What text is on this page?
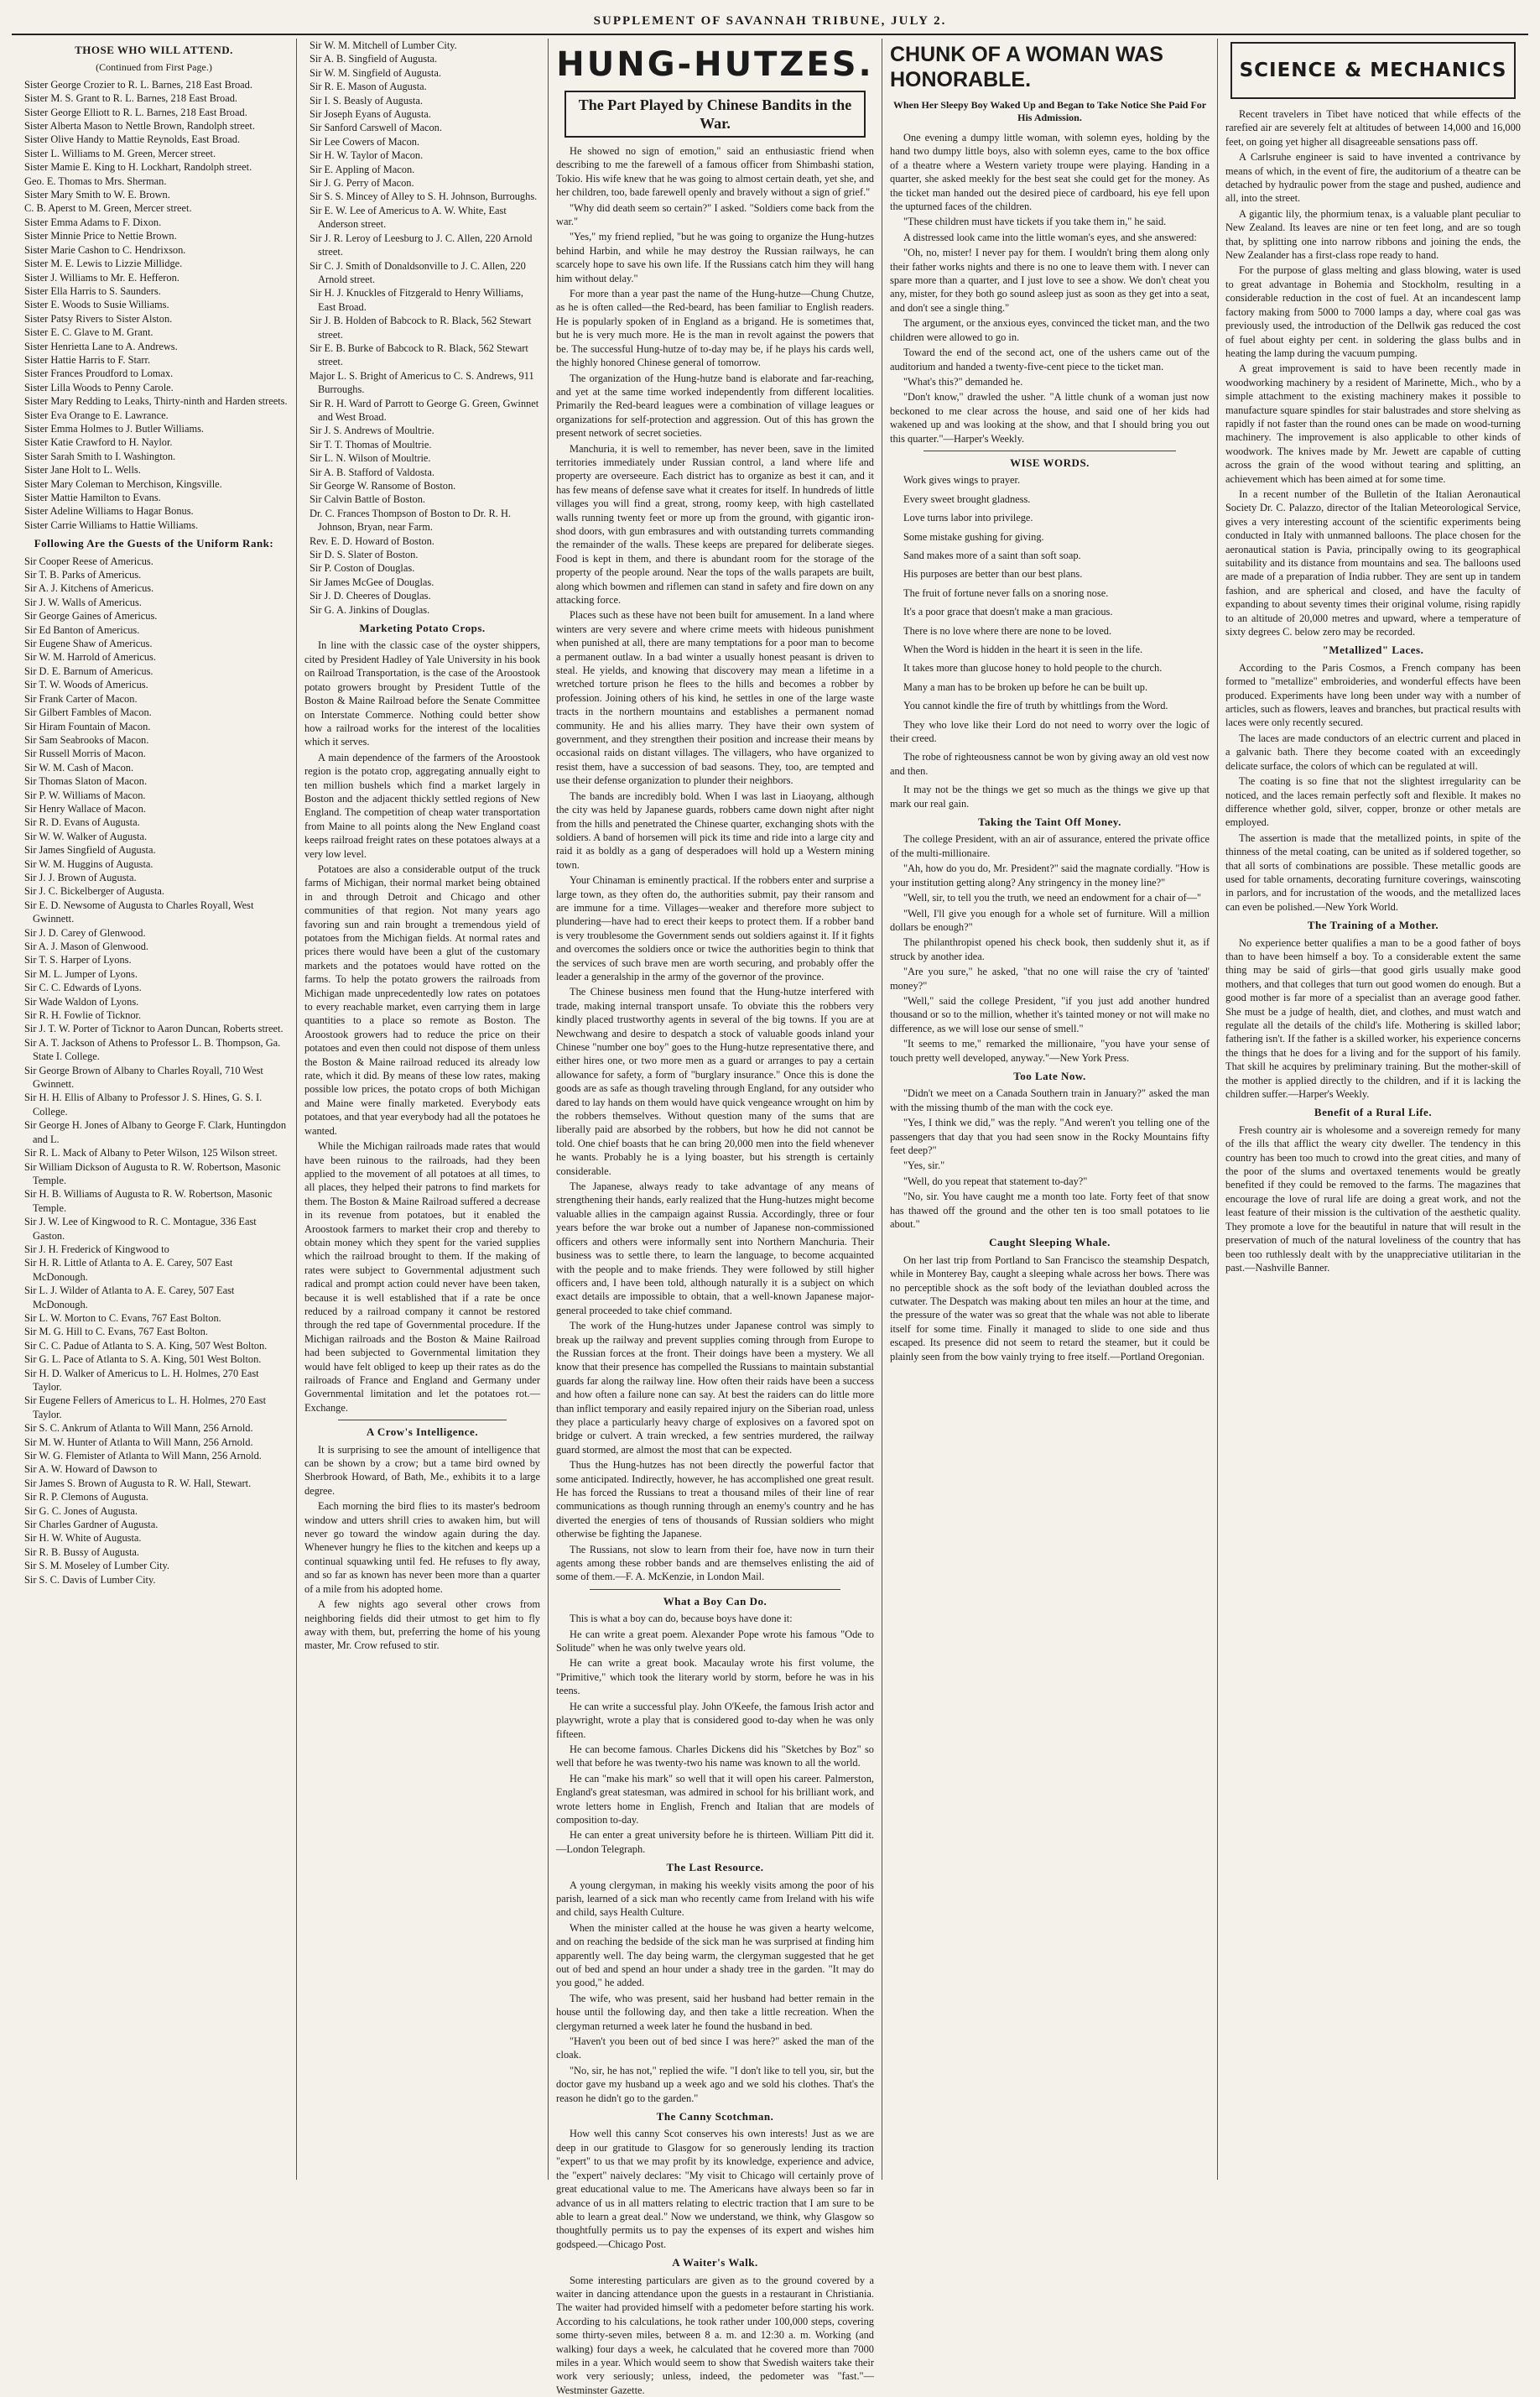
SUPPLEMENT OF SAVANNAH TRIBUNE, JULY 2.
THOSE WHO WILL ATTEND.
(Continued from First Page.)
Sister George Crozier to R. L. Barnes, 218 East Broad.
Sister M. S. Grant to R. L. Barnes, 218 East Broad.
Sister George Elliott to R. L. Barnes, 218 East Broad.
Sister Alberta Mason to Nettle Brown, Randolph street.
Sister Olive Handy to Mattie Reynolds, East Broad.
Sister L. Williams to M. Green, Mercer street.
Sister Mamie E. King to H. Lockhart, Randolph street.
Geo. E. Thomas to Mrs. Sherman.
Sister Mary Smith to W. E. Brown.
C. B. Aperst to M. Green, Mercer street.
Sister Emma Adams to F. Dixon.
Sister Minnie Price to Nettie Brown.
Sister Marie Cashon to C. Hendrixson.
Sister M. E. Lewis to Lizzie Millidge.
Sister J. Williams to Mr. E. Hefferon.
Sister Ella Harris to S. Saunders.
Sister E. Woods to Susie Williams.
Sister Patsy Rivers to Sister Alston.
Sister E. C. Glave to M. Grant.
Sister Henrietta Lane to A. Andrews.
Sister Hattie Harris to F. Starr.
Sister Frances Proudford to Lomax.
Sister Lilla Woods to Penny Carole.
Sister Mary Redding to Leaks, Thirty-ninth and Harden streets.
Sister Eva Orange to E. Lawrance.
Sister Emma Holmes to J. Butler Williams.
Sister Katie Crawford to H. Naylor.
Sister Sarah Smith to I. Washington.
Sister Jane Holt to L. Wells.
Sister Mary Coleman to Merchison, Kingsville.
Sister Mattie Hamilton to Evans.
Sister Adeline Williams to Hagar Bonus.
Sister Carrie Williams to Hattie Williams.
Following Are the Guests of the Uniform Rank:
Sir Cooper Reese of Americus.
Sir T. B. Parks of Americus.
Sir A. J. Kitchens of Americus.
Sir J. W. Walls of Americus.
Sir George Gaines of Americus.
Sir Ed Banton of Americus.
Sir Eugene Shaw of Americus.
Sir W. M. Harrold of Americus.
Sir D. E. Barnum of Americus.
Sir T. W. Woods of Americus.
Sir Frank Carter of Macon.
Sir Gilbert Fambles of Macon.
Sir Hiram Fountain of Macon.
Sir Sam Seabrooks of Macon.
Sir Russell Morris of Macon.
Sir W. M. Cash of Macon.
Sir Thomas Slaton of Macon.
Sir P. W. Williams of Macon.
Sir Henry Wallace of Macon.
Sir R. D. Evans of Augusta.
Sir W. W. Walker of Augusta.
Sir James Singfield of Augusta.
Sir W. M. Huggins of Augusta.
Sir J. J. Brown of Augusta.
Sir J. C. Bickelberger of Augusta.
Sir E. D. Newsome of Augusta to Charles Royall, West Gwinnett.
Sir J. D. Carey of Glenwood.
Sir A. J. Mason of Glenwood.
Sir T. S. Harper of Lyons.
Sir M. L. Jumper of Lyons.
Sir C. C. Edwards of Lyons.
Sir Wade Waldon of Lyons.
Sir R. H. Fowlie of Ticknor.
Sir J. T. W. Porter of Ticknor to Aaron Duncan, Roberts street.
Sir A. T. Jackson of Athens to Professor L. B. Thompson, Ga. State I. College.
Sir George Brown of Albany to Charles Royall, 710 West Gwinnett.
Sir H. H. Ellis of Albany to Professor J. S. Hines, G. S. I. College.
Sir George H. Jones of Albany to George F. Clark, Huntingdon and L.
Sir R. L. Mack of Albany to Peter Wilson, 125 Wilson street.
Sir William Dickson of Augusta to R. W. Robertson, Masonic Temple.
Sir H. B. Williams of Augusta to R. W. Robertson, Masonic Temple.
Sir J. W. Lee of Kingwood to R. C. Montague, 336 East Gaston.
Sir J. H. Frederick of Kingwood to
Sir H. R. Little of Atlanta to A. E. Carey, 507 East McDonough.
Sir L. J. Wilder of Atlanta to A. E. Carey, 507 East McDonough.
Sir L. W. Morton to C. Evans, 767 East Bolton.
Sir M. G. Hill to C. Evans, 767 East Bolton.
Sir C. C. Padue of Atlanta to S. A. King, 507 West Bolton.
Sir G. L. Pace of Atlanta to S. A. King, 501 West Bolton.
Sir H. D. Walker of Americus to L. H. Holmes, 270 East Taylor.
Sir Eugene Fellers of Americus to L. H. Holmes, 270 East Taylor.
Sir S. C. Ankrum of Atlanta to Will Mann, 256 Arnold.
Sir M. W. Hunter of Atlanta to Will Mann, 256 Arnold.
Sir W. G. Flemister of Atlanta to Will Mann, 256 Arnold.
Sir A. W. Howard of Dawson to
Sir James S. Brown of Augusta to R. W. Hall, Stewart.
Sir R. P. Clemons of Augusta.
Sir G. C. Jones of Augusta.
Sir Charles Gardner of Augusta.
Sir H. W. White of Augusta.
Sir R. B. Bussy of Augusta.
Sir S. M. Moseley of Lumber City.
Sir S. C. Davis of Lumber City.
Sir W. M. Mitchell of Lumber City.
Sir A. B. Singfield of Augusta.
Sir W. M. Singfield of Augusta.
Sir R. E. Mason of Augusta.
Sir I. S. Beasly of Augusta.
Sir Joseph Eyans of Augusta.
Sir Sanford Carswell of Macon.
Sir Lee Cowers of Macon.
Sir H. W. Taylor of Macon.
Sir E. Appling of Macon.
Sir J. G. Perry of Macon.
Sir S. S. Mincey of Alley to S. H. Johnson, Burroughs.
Sir E. W. Lee of Americus to A. W. White, East Anderson street.
Sir J. R. Leroy of Leesburg to J. C. Allen, 220 Arnold street.
Sir C. J. Smith of Donaldsonville to J. C. Allen, 220 Arnold street.
Sir H. J. Knuckles of Fitzgerald to Henry Williams, East Broad.
Sir J. B. Holden of Babcock to R. Black, 562 Stewart street.
Sir E. B. Burke of Babcock to R. Black, 562 Stewart street.
Major L. S. Bright of Americus to C. S. Andrews, 911 Burroughs.
Sir R. H. Ward of Parrott to George G. Green, Gwinnet and West Broad.
Sir J. S. Andrews of Moultrie.
Sir T. T. Thomas of Moultrie.
Sir L. N. Wilson of Moultrie.
Sir A. B. Stafford of Valdosta.
Sir George W. Ransome of Boston.
Sir Calvin Battle of Boston.
Dr. C. Frances Thompson of Boston to Dr. R. H. Johnson, Bryan, near Farm.
Rev. E. D. Howard of Boston.
Sir D. S. Slater of Boston.
Sir P. Coston of Douglas.
Sir James McGee of Douglas.
Sir J. D. Cheeres of Douglas.
Sir G. A. Jinkins of Douglas.
Marketing Potato Crops.
In line with the classic case of the oyster shippers, cited by President Hadley of Yale University in his book on Railroad Transportation, is the case of the Aroostook potato growers brought by President Tuttle of the Boston & Maine Railroad before the Senate Committee on Interstate Commerce. Nothing could better show how a railroad works for the interest of the localities which it serves.
A main dependence of the farmers of the Aroostook region is the potato crop, aggregating annually eight to ten million bushels which find a market largely in Boston and the adjacent thickly settled regions of New England. The competition of cheap water transportation from Maine to all points along the New England coast keeps railroad freight rates on these potatoes always at a very low level.
Potatoes are also a considerable output of the truck farms of Michigan, their normal market being obtained in and through Detroit and Chicago and other communities of that region. Not many years ago favoring sun and rain brought a tremendous yield of potatoes from the Michigan fields. At normal rates and prices there would have been a glut of the customary markets and the potatoes would have rotted on the farms. To help the potato growers the railroads from Michigan made unprecedentedly low rates on potatoes to every reachable market, even carrying them in large quantities to a place so remote as Boston. The Aroostook growers had to reduce the price on their potatoes and even then could not dispose of them unless the Boston & Maine railroad reduced its already low rate, which it did. By means of these low rates, making possible low prices, the potato crops of both Michigan and Maine were finally marketed. Everybody eats potatoes, and that year everybody had all the potatoes he wanted.
While the Michigan railroads made rates that would have been ruinous to the railroads, had they been applied to the movement of all potatoes at all times, to all places, they helped their patrons to find markets for them. The Boston & Maine Railroad suffered a decrease in its revenue from potatoes, but it enabled the Aroostook farmers to market their crop and thereby to obtain money which they spent for the varied supplies which the railroad brought to them. If the making of rates were subject to Governmental adjustment such radical and prompt action could never have been taken, because it is well established that if a rate be once reduced by a railroad company it cannot be restored through the red tape of Governmental procedure. If the Michigan railroads and the Boston & Maine Railroad had been subjected to Governmental limitation they would have felt obliged to keep up their rates as do the railroads of France and England and Germany under Governmental limitation and let the potatoes rot.—Exchange.
A Crow's Intelligence.
It is surprising to see the amount of intelligence that can be shown by a crow; but a tame bird owned by Sherbrook Howard, of Bath, Me., exhibits it to a large degree.
Each morning the bird flies to its master's bedroom window and utters shrill cries to awaken him, but will never go toward the window again during the day. Whenever hungry he flies to the kitchen and keeps up a continual squawking until fed. He refuses to fly away, and so far as known has never been more than a quarter of a mile from his adopted home.
A few nights ago several other crows from neighboring fields did their utmost to get him to fly away with them, but, preferring the home of his young master, Mr. Crow refused to stir.
HUNG-HUTZES.
The Part Played by Chinese Bandits in the War.
He showed no sign of emotion," said an enthusiastic friend when describing to me the farewell of a famous officer from Shimbashi station, Tokio. His wife knew that he was going to almost certain death, yet she, and her children, too, bade farewell openly and bravely without a sign of grief."
"Why did death seem so certain?" I asked. "Soldiers come back from the war."
"Yes," my friend replied, "but he was going to organize the Hung-hutzes behind Harbin, and while he may destroy the Russian railways, he can scarcely hope to save his own life. If the Russians catch him they will hang him without delay."
For more than a year past the name of the Hung-hutze—Chung Chutze, as he is often called—the Red-beard, has been familiar to English readers. He is popularly spoken of in England as a brigand. He is sometimes that, but he is very much more. He is the man in revolt against the powers that be. The successful Hung-hutze of to-day may be, if he plays his cards well, the highly honored Chinese general of tomorrow.
The organization of the Hung-hutze band is elaborate and far-reaching, and yet at the same time worked independently from different localities. Primarily the Red-beard leagues were a combination of village leagues or organizations for self-protection and aggression. Out of this has grown the present network of secret societies.
Manchuria, it is well to remember, has never been, save in the limited territories immediately under Russian control, a land where life and property are overseeure. Each district has to organize as best it can, and it has few means of defense save what it creates for itself. In hundreds of little villages you will find a great, strong, roomy keep, with high castellated walls running twenty feet or more up from the ground, with gigantic iron-shod doors, with gun embrasures and with outstanding turrets commanding the remainder of the walls. These keeps are prepared for deliberate sieges. Food is kept in them, and there is abundant room for the storage of the property of the people around. Near the tops of the walls parapets are built, along which bowmen and riflemen can stand in safety and fire down on any attacking force.
Places such as these have not been built for amusement. In a land where winters are very severe and where crime meets with hideous punishment when punished at all, there are many temptations for a poor man to become a permanent outlaw. In a bad winter a usually honest peasant is driven to steal. He yields, and knowing that discovery may mean a lifetime in a wretched torture prison he flees to the hills and becomes a robber by profession. Joining others of his kind, he settles in one of the large waste tracts in the northern mountains and establishes a permanent nomad community. He and his allies marry. They have their own system of government, and they strengthen their position and increase their means by occasional raids on distant villages. The villagers, who have organized to resist them, have a succession of bad seasons. They, too, are tempted and use their defense organization to plunder their neighbors.
The bands are incredibly bold. When I was last in Liaoyang, although the city was held by Japanese guards, robbers came down night after night from the hills and penetrated the Chinese quarter, exchanging shots with the soldiers. A band of horsemen will pick its time and ride into a large city and raid it as boldly as a gang of desperadoes will hold up a Western mining town.
Your Chinaman is eminently practical. If the robbers enter and surprise a large town, as they often do, the authorities submit, pay their ransom and are immune for a time. Villages—weaker and therefore more subject to plundering—have had to erect their keeps to protect them. If a robber band is very troublesome the Government sends out soldiers against it. If it fights and overcomes the soldiers once or twice the authorities begin to think that the services of such brave men are worth securing, and probably offer the leader a generalship in the army of the governor of the province.
The Chinese business men found that the Hung-hutze interfered with trade, making internal transport unsafe. To obviate this the robbers very kindly placed trustworthy agents in several of the big towns. If you are at Newchwang and desire to despatch a stock of valuable goods inland your Chinese "number one boy" goes to the Hung-hutze representative there, and either hires one, or two more men as a guard or arranges to pay a certain allowance for safety, a form of "burglary insurance." Once this is done the goods are as safe as though traveling through England, for any outsider who dared to lay hands on them would have quick vengeance wrought on him by the robbers themselves. Without question many of the sums that are liberally paid are absorbed by the robbers, but how he did not cannot be told. One chief boasts that he can bring 20,000 men into the field whenever he wants. Probably he is a lying boaster, but his strength is certainly considerable.
The Japanese, always ready to take advantage of any means of strengthening their hands, early realized that the Hung-hutzes might become valuable allies in the campaign against Russia. Accordingly, three or four years before the war broke out a number of Japanese non-commissioned officers and others were informally sent into Northern Manchuria. Their business was to settle there, to learn the language, to become acquainted with the people and to make friends. They were followed by still higher officers and, I have been told, although naturally it is a subject on which exact details are impossible to obtain, that a well-known Japanese major-general proceeded to take chief command.
The work of the Hung-hutzes under Japanese control was simply to break up the railway and prevent supplies coming through from Europe to the Russian forces at the front. Their doings have been a mystery. We all know that their presence has compelled the Russians to maintain substantial guards far along the railway line. How often their raids have been a success and how often a failure none can say. At best the raiders can do little more than inflict temporary and easily repaired injury on the Siberian road, unless they place a particularly heavy charge of explosives on a favored spot on bridge or culvert. A train wrecked, a few sentries murdered, the railway guard stormed, are almost the most that can be expected.
Thus the Hung-hutzes has not been directly the powerful factor that some anticipated. Indirectly, however, he has accomplished one great result. He has forced the Russians to treat a thousand miles of their line of rear communications as though running through an enemy's country and he has diverted the energies of tens of thousands of Russian soldiers who might otherwise be fighting the Japanese.
The Russians, not slow to learn from their foe, have now in turn their agents among these robber bands and are themselves enlisting the aid of some of them.—F. A. McKenzie, in London Mail.
What a Boy Can Do.
This is what a boy can do, because boys have done it:
He can write a great poem. Alexander Pope wrote his famous "Ode to Solitude" when he was only twelve years old.
He can write a great book. Macaulay wrote his first volume, the "Primitive," which took the literary world by storm, before he was in his teens.
He can write a successful play. John O'Keefe, the famous Irish actor and playwright, wrote a play that is considered good to-day when he was only fifteen.
He can become famous. Charles Dickens did his "Sketches by Boz" so well that before he was twenty-two his name was known to all the world.
He can "make his mark" so well that it will open his career. Palmerston, England's great statesman, was admired in school for his brilliant work, and wrote letters home in English, French and Italian that are models of composition to-day.
He can enter a great university before he is thirteen. William Pitt did it.—London Telegraph.
The Last Resource.
A young clergyman, in making his weekly visits among the poor of his parish, learned of a sick man who recently came from Ireland with his wife and child, says Health Culture.
When the minister called at the house he was given a hearty welcome, and on reaching the bedside of the sick man he was surprised at finding him apparently well. The day being warm, the clergyman suggested that he get out of bed and spend an hour under a shady tree in the garden. "It may do you good," he added.
The wife, who was present, said her husband had better remain in the house until the following day, and then take a little recreation. When the clergyman returned a week later he found the husband in bed.
"Haven't you been out of bed since I was here?" asked the man of the cloak.
"No, sir, he has not," replied the wife. "I don't like to tell you, sir, but the doctor gave my husband up a week ago and we sold his clothes. That's the reason he didn't go to the garden."
The Canny Scotchman.
How well this canny Scot conserves his own interests! Just as we are deep in our gratitude to Glasgow for so generously lending its traction "expert" to us that we may profit by its knowledge, experience and advice, the "expert" naively declares: "My visit to Chicago will certainly prove of great educational value to me. The Americans have always been so far in advance of us in all matters relating to electric traction that I am sure to be able to learn a great deal." Now we understand, we think, why Glasgow so thoughtfully permits us to pay the expenses of its expert and wishes him godspeed.—Chicago Post.
A Waiter's Walk.
Some interesting particulars are given as to the ground covered by a waiter in dancing attendance upon the guests in a restaurant in Christiania. The waiter had provided himself with a pedometer before starting his work. According to his calculations, he took rather under 100,000 steps, covering some thirty-seven miles, between 8 a. m. and 12:30 a. m. Working (and walking) four days a week, he calculated that he covered more than 7000 miles in a year. Which would seem to show that Swedish waiters take their work very seriously; unless, indeed, the pedometer was "fast."—Westminster Gazette.
CHUNK OF A WOMAN WAS HONORABLE.
When Her Sleepy Boy Waked Up and Began to Take Notice She Paid For His Admission.
One evening a dumpy little woman, with solemn eyes, holding by the hand two dumpy little boys, also with solemn eyes, came to the box office of a theatre where a Western variety troupe were playing. Handing in a quarter, she asked meekly for the best seat she could get for the money. As the ticket man handed out the desired piece of cardboard, his eye fell upon the upturned faces of the children.
"These children must have tickets if you take them in," he said.
A distressed look came into the little woman's eyes, and she answered:
"Oh, no, mister! I never pay for them. I wouldn't bring them along only their father works nights and there is no one to leave them with. I never can spare more than a quarter, and I just love to see a show. We don't cheat you any, mister, for they both go sound asleep just as soon as they get into a seat, and don't see a single thing."
The argument, or the anxious eyes, convinced the ticket man, and the two children were allowed to go in.
Toward the end of the second act, one of the ushers came out of the auditorium and handed a twenty-five-cent piece to the ticket man.
"What's this?" demanded he.
"Don't know," drawled the usher. "A little chunk of a woman just now beckoned to me clear across the house, and said one of her kids had wakened up and was looking at the show, and that I should bring you out this quarter."—Harper's Weekly.
WISE WORDS.
Work gives wings to prayer.
Every sweet brought gladness.
Love turns labor into privilege.
Some mistake gushing for giving.
Sand makes more of a saint than soft soap.
His purposes are better than our best plans.
The fruit of fortune never falls on a snoring nose.
It's a poor grace that doesn't make a man gracious.
There is no love where there are none to be loved.
When the Word is hidden in the heart it is seen in the life.
It takes more than glucose honey to hold people to the church.
Many a man has to be broken up before he can be built up.
You cannot kindle the fire of truth by whittlings from the Word.
They who love like their Lord do not need to worry over the logic of their creed.
The robe of righteousness cannot be won by giving away an old vest now and then.
It may not be the things we get so much as the things we give up that mark our real gain.
Taking the Taint Off Money.
The college President, with an air of assurance, entered the private office of the multi-millionaire.
"Ah, how do you do, Mr. President?" said the magnate cordially. "How is your institution getting along? Any stringency in the money line?"
"Well, sir, to tell you the truth, we need an endowment for a chair of—"
"Well, I'll give you enough for a whole set of furniture. Will a million dollars be enough?"
The philanthropist opened his check book, then suddenly shut it, as if struck by another idea.
"Are you sure," he asked, "that no one will raise the cry of 'tainted' money?"
"Well," said the college President, "if you just add another hundred thousand or so to the million, whether it's tainted money or not will make no difference, as we will lose our sense of smell."
"It seems to me," remarked the millionaire, "you have your sense of touch pretty well developed, anyway."—New York Press.
Too Late Now.
"Didn't we meet on a Canada Southern train in January?" asked the man with the missing thumb of the man with the cock eye.
"Yes, I think we did," was the reply. "And weren't you telling one of the passengers that day that you had seen snow in the Rocky Mountains fifty feet deep?"
"Yes, sir."
"Well, do you repeat that statement to-day?"
"No, sir. You have caught me a month too late. Forty feet of that snow has thawed off the ground and the other ten is too small potatoes to lie about."
Caught Sleeping Whale.
On her last trip from Portland to San Francisco the steamship Despatch, while in Monterey Bay, caught a sleeping whale across her bows. There was no perceptible shock as the soft body of the leviathan doubled across the cutwater. The Despatch was making about ten miles an hour at the time, and the pressure of the water was so great that the whale was not able to liberate itself for some time. Finally it managed to slide to one side and thus escaped. Its presence did not seem to retard the steamer, but it could be plainly seen from the bow vainly trying to free itself.—Portland Oregonian.
SCIENCE & MECHANICS
Recent travelers in Tibet have noticed that while effects of the rarefied air are severely felt at altitudes of between 14,000 and 16,000 feet, on going yet higher all disagreeable sensations pass off.
A Carlsruhe engineer is said to have invented a contrivance by means of which, in the event of fire, the auditorium of a theatre can be detached by hydraulic power from the stage and pushed, audience and all, into the street.
A gigantic lily, the phormium tenax, is a valuable plant peculiar to New Zealand. Its leaves are nine or ten feet long, and are so tough that, by splitting one into narrow ribbons and joining the ends, the New Zealander has a first-class rope ready to hand.
For the purpose of glass melting and glass blowing, water is used to great advantage in Bohemia and Stockholm, resulting in a considerable reduction in the cost of fuel. At an incandescent lamp factory making from 5000 to 7000 lamps a day, where coal gas was previously used, the introduction of the Dellwik gas reduced the cost of fuel about eighty per cent. in soldering the glass bulbs and in heating the lamp during the vacuum pumping.
A great improvement is said to have been recently made in woodworking machinery by a resident of Marinette, Mich., who by a simple attachment to the existing machinery makes it possible to manufacture square spindles for stair balustrades and store shelving as rapidly if not faster than the round ones can be made on wood-turning machinery. The improvement is also applicable to other kinds of woodwork. The knives made by Mr. Jewett are capable of cutting across the grain of the wood without tearing and splitting, an achievement which has been aimed at for some time.
In a recent number of the Bulletin of the Italian Aeronautical Society Dr. C. Palazzo, director of the Italian Meteorological Service, gives a very interesting account of the scientific experiments being conducted in Italy with unmanned balloons. The place chosen for the aeronautical station is Pavia, principally owing to its geographical suitability and its distance from mountains and sea. The balloons used are made of a preparation of India rubber. They are sent up in tandem fashion, and are spherical and closed, and have the faculty of expanding to about seventy times their original volume, rising rapidly to an altitude of 20,000 metres and upward, where a temperature of sixty degrees C. below zero may be recorded.
"Metallized" Laces.
According to the Paris Cosmos, a French company has been formed to "metallize" embroideries, and wonderful effects have been produced. Experiments have long been under way with a number of articles, such as flowers, leaves and branches, but practical results with laces were only recently secured.
The laces are made conductors of an electric current and placed in a galvanic bath. There they become coated with an exceedingly delicate surface, the colors of which can be regulated at will.
The coating is so fine that not the slightest irregularity can be noticed, and the laces remain perfectly soft and flexible. It makes no difference whether gold, silver, copper, bronze or other metals are employed.
The assertion is made that the metallized points, in spite of the thinness of the metal coating, can be united as if soldered together, so that all sorts of combinations are possible. These metallic goods are used for table ornaments, decorating furniture coverings, wainscoting in parlors, and for incrustation of the woods, and the metallized laces can even be polished.—New York World.
The Training of a Mother.
No experience better qualifies a man to be a good father of boys than to have been himself a boy. To a considerable extent the same thing may be said of girls—that good girls usually make good mothers, and that colleges that turn out good women do enough. But a good mother is far more of a specialist than an average good father. She must be a judge of health, diet, and clothes, and must watch and regulate all the details of the child's life. Mothering is skilled labor; fathering isn't. If the father is a skilled worker, his experience concerns the things that he does for a living and for the support of his family. That skill he acquires by preliminary training. But the mother-skill of the mother is applied directly to the children, and if it is lacking the children suffer.—Harper's Weekly.
Benefit of a Rural Life.
Fresh country air is wholesome and a sovereign remedy for many of the ills that afflict the weary city dweller. The tendency in this country has been too much to crowd into the great cities, and many of the poor of the slums and overtaxed tenements would be greatly benefited if they could be removed to the farms. The magazines that encourage the love of rural life are doing a great work, and not the least feature of their mission is the cultivation of the aesthetic quality. They promote a love for the beautiful in nature that will result in the preservation of much of the natural loveliness of the country that has been too ruthlessly dealt with by the unappreciative utilitarian in the past.—Nashville Banner.
